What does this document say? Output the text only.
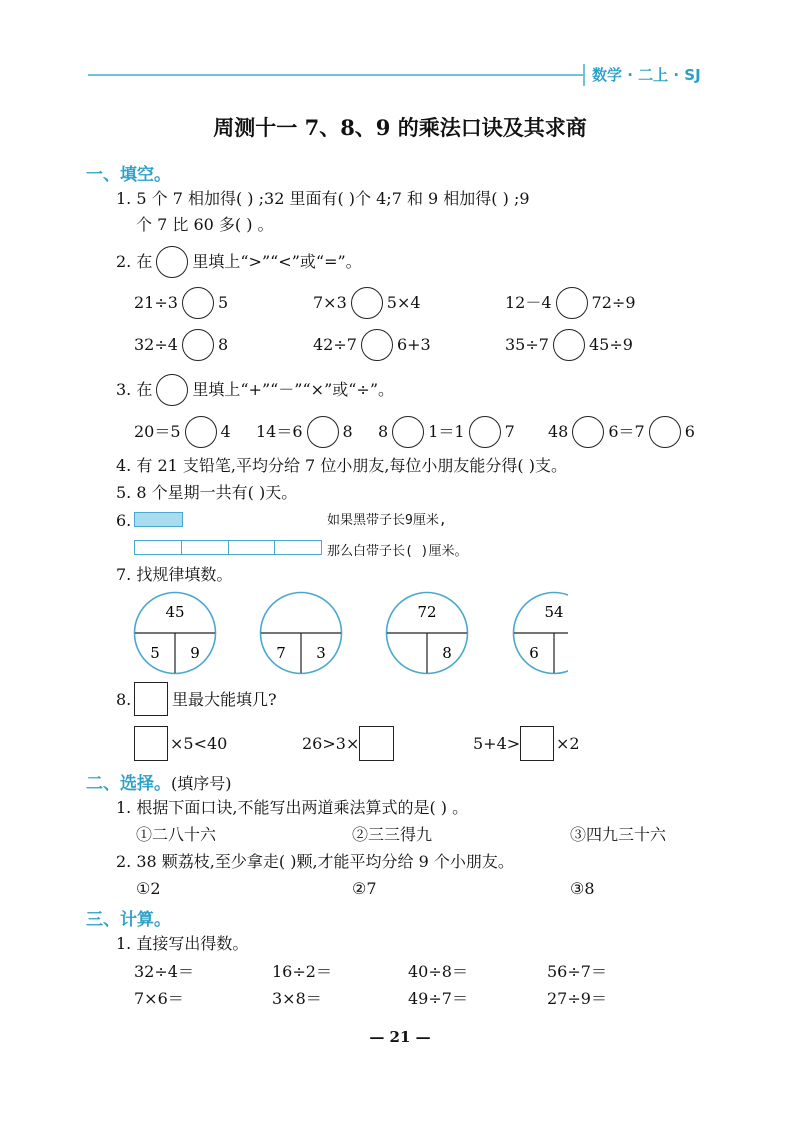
数学 · 二上 · SJ
周测十一 7、8、9 的乘法口诀及其求商
一、填空。
1. 5 个 7 相加得( ) ;32 里面有( )个 4;7 和 9 相加得( ) ;9
个 7 比 60 多( ) 。
2. 在	里填上“>”“<”或“=”。
21÷3	5	7×3	5×4	12－4	72÷9
32÷4	8	42÷7	6+3	35÷7	45÷9
3. 在	里填上“+”“－”“×”或“÷”。
20＝5	4 14＝6	8 8	1＝1	7 48	6＝7	6
4. 有 21 支铅笔,平均分给 7 位小朋友,每位小朋友能分得( )支。
5. 8 个星期一共有( )天。
6.	如果黑带子长9厘米,
那么白带子长( )厘米。
7. 找规律填数。
45
5 9	7 3
72
8
54
6
8.	里最大能填几?
×5<40	26>3×	5+4> ×2
二、选择。(填序号)
1. 根据下面口诀,不能写出两道乘法算式的是( ) 。
①二八十六	②三三得九	③四九三十六
2. 38 颗荔枝,至少拿走( )颗,才能平均分给 9 个小朋友。
①2	②7	③8
三、计算。
1. 直接写出得数。
32÷4＝	16÷2＝	40÷8＝	56÷7＝
7×6＝	3×8＝	49÷7＝	27÷9＝
— 21 —
